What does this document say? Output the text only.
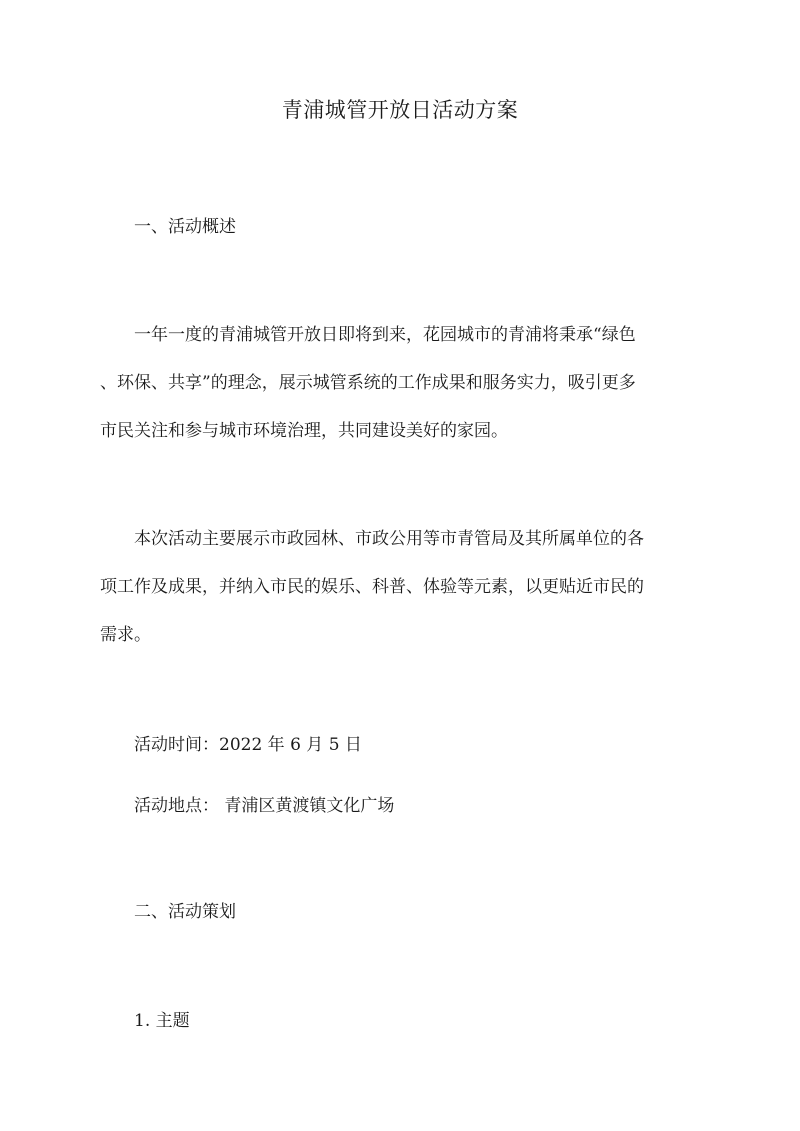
青浦城管开放日活动方案
一、活动概述
一年一度的青浦城管开放日即将到来，花园城市的青浦将秉承“绿色
、环保、共享”的理念，展示城管系统的工作成果和服务实力，吸引更多
市民关注和参与城市环境治理，共同建设美好的家园。
本次活动主要展示市政园林、市政公用等市青管局及其所属单位的各
项工作及成果，并纳入市民的娱乐、科普、体验等元素，以更贴近市民的
需求。
活动时间：2022 年 6 月 5 日
活动地点： 青浦区黄渡镇文化广场
二、活动策划
1. 主题
